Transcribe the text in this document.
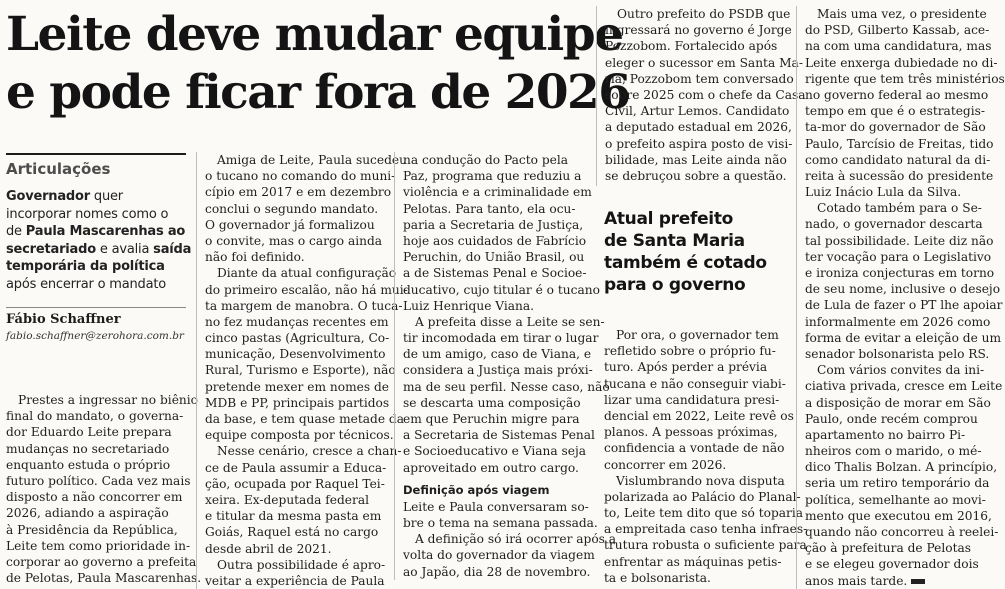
Leite deve mudar equipe
e pode ficar fora de 2026
Articulações

Governador quer
incorporar nomes como o
de Paula Mascarenhas ao
secretariado e avalia saída
temporária da política
após encerrar o mandato

Fábio Schaffner
fabio.schaffner@zerohora.com.br
Prestes a ingressar no biênio
final do mandato, o governa-
dor Eduardo Leite prepara
mudanças no secretariado
enquanto estuda o próprio
futuro político. Cada vez mais
disposto a não concorrer em
2026, adiando a aspiração
à Presidência da República,
Leite tem como prioridade in-
corporar ao governo a prefeita
de Pelotas, Paula Mascarenhas.
Amiga de Leite, Paula sucedeu
o tucano no comando do muni-
cípio em 2017 e em dezembro
conclui o segundo mandato.
O governador já formalizou
o convite, mas o cargo ainda
não foi definido.
Diante da atual configuração
do primeiro escalão, não há mui-
ta margem de manobra. O tuca-
no fez mudanças recentes em
cinco pastas (Agricultura, Co-
municação, Desenvolvimento
Rural, Turismo e Esporte), não
pretende mexer em nomes de
MDB e PP, principais partidos
da base, e tem quase metade da
equipe composta por técnicos.
Nesse cenário, cresce a chan-
ce de Paula assumir a Educa-
ção, ocupada por Raquel Tei-
xeira. Ex-deputada federal
e titular da mesma pasta em
Goiás, Raquel está no cargo
desde abril de 2021.
Outra possibilidade é apro-
veitar a experiência de Paula
na condução do Pacto pela
Paz, programa que reduziu a
violência e a criminalidade em
Pelotas. Para tanto, ela ocu-
paria a Secretaria de Justiça,
hoje aos cuidados de Fabrício
Peruchin, do União Brasil, ou
a de Sistemas Penal e Socioe-
ducativo, cujo titular é o tucano
Luiz Henrique Viana.
A prefeita disse a Leite se sen-
tir incomodada em tirar o lugar
de um amigo, caso de Viana, e
considera a Justiça mais próxi-
ma de seu perfil. Nesse caso, não
se descarta uma composição
em que Peruchin migre para
a Secretaria de Sistemas Penal
e Socioeducativo e Viana seja
aproveitado em outro cargo.
Definição após viagem
Leite e Paula conversaram so-
bre o tema na semana passada.
A definição só irá ocorrer após a
volta do governador da viagem
ao Japão, dia 28 de novembro.
Outro prefeito do PSDB que
ingressará no governo é Jorge
Pozzobom. Fortalecido após
eleger o sucessor em Santa Ma-
ria, Pozzobom tem conversado
sobre 2025 com o chefe da Casa
Civil, Artur Lemos. Candidato
a deputado estadual em 2026,
o prefeito aspira posto de visi-
bilidade, mas Leite ainda não
se debruçou sobre a questão.
Atual prefeito
de Santa Maria
também é cotado
para o governo
Por ora, o governador tem
refletido sobre o próprio fu-
turo. Após perder a prévia
tucana e não conseguir viabi-
lizar uma candidatura presi-
dencial em 2022, Leite revê os
planos. A pessoas próximas,
confidencia a vontade de não
concorrer em 2026.
Vislumbrando nova disputa
polarizada ao Palácio do Planal-
to, Leite tem dito que só toparia
a empreitada caso tenha infraes-
trutura robusta o suficiente para
enfrentar as máquinas petis-
ta e bolsonarista.
Mais uma vez, o presidente
do PSD, Gilberto Kassab, ace-
na com uma candidatura, mas
Leite enxerga dubiedade no di-
rigente que tem três ministérios
no governo federal ao mesmo
tempo em que é o estrategis-
ta-mor do governador de São
Paulo, Tarcísio de Freitas, tido
como candidato natural da di-
reita à sucessão do presidente
Luiz Inácio Lula da Silva.
Cotado também para o Se-
nado, o governador descarta
tal possibilidade. Leite diz não
ter vocação para o Legislativo
e ironiza conjecturas em torno
de seu nome, inclusive o desejo
de Lula de fazer o PT lhe apoiar
informalmente em 2026 como
forma de evitar a eleição de um
senador bolsonarista pelo RS.
Com vários convites da ini-
ciativa privada, cresce em Leite
a disposição de morar em São
Paulo, onde recém comprou
apartamento no bairro Pi-
nheiros com o marido, o mé-
dico Thalis Bolzan. A princípio,
seria um retiro temporário da
política, semelhante ao movi-
mento que executou em 2016,
quando não concorreu à reelei-
ção à prefeitura de Pelotas
e se elegeu governador dois
anos mais tarde.
